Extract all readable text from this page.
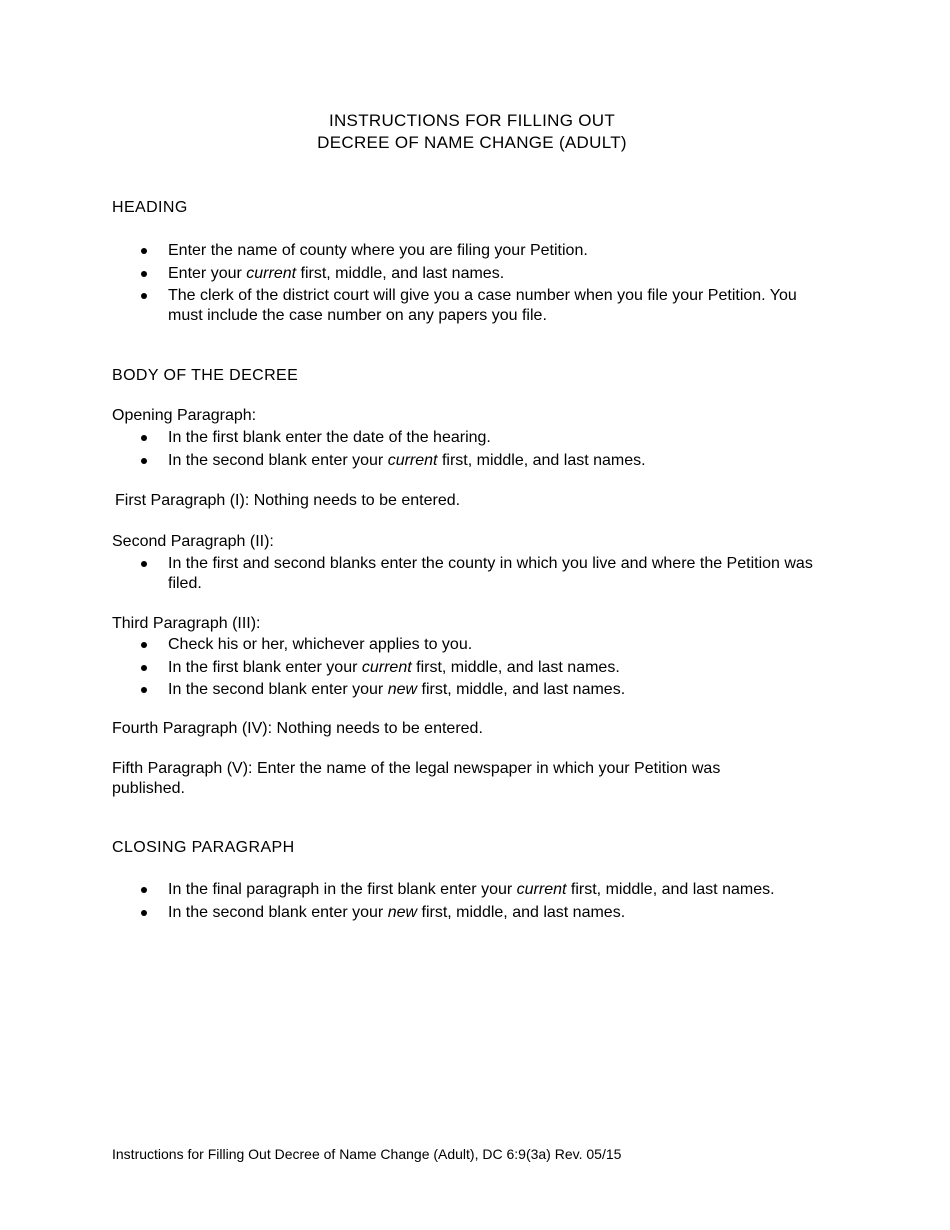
INSTRUCTIONS FOR FILLING OUT
DECREE OF NAME CHANGE (ADULT)
HEADING
Enter the name of county where you are filing your Petition.
Enter your current first, middle, and last names.
The clerk of the district court will give you a case number when you file your Petition. You must include the case number on any papers you file.
BODY OF THE DECREE
Opening Paragraph:
In the first blank enter the date of the hearing.
In the second blank enter your current first, middle, and last names.
First Paragraph (I): Nothing needs to be entered.
Second Paragraph (II):
In the first and second blanks enter the county in which you live and where the Petition was filed.
Third Paragraph (III):
Check his or her, whichever applies to you.
In the first blank enter your current first, middle, and last names.
In the second blank enter your new first, middle, and last names.
Fourth Paragraph (IV): Nothing needs to be entered.
Fifth Paragraph (V): Enter the name of the legal newspaper in which your Petition was published.
CLOSING PARAGRAPH
In the final paragraph in the first blank enter your current first, middle, and last names.
In the second blank enter your new first, middle, and last names.
Instructions for Filling Out Decree of Name Change (Adult), DC 6:9(3a) Rev. 05/15
